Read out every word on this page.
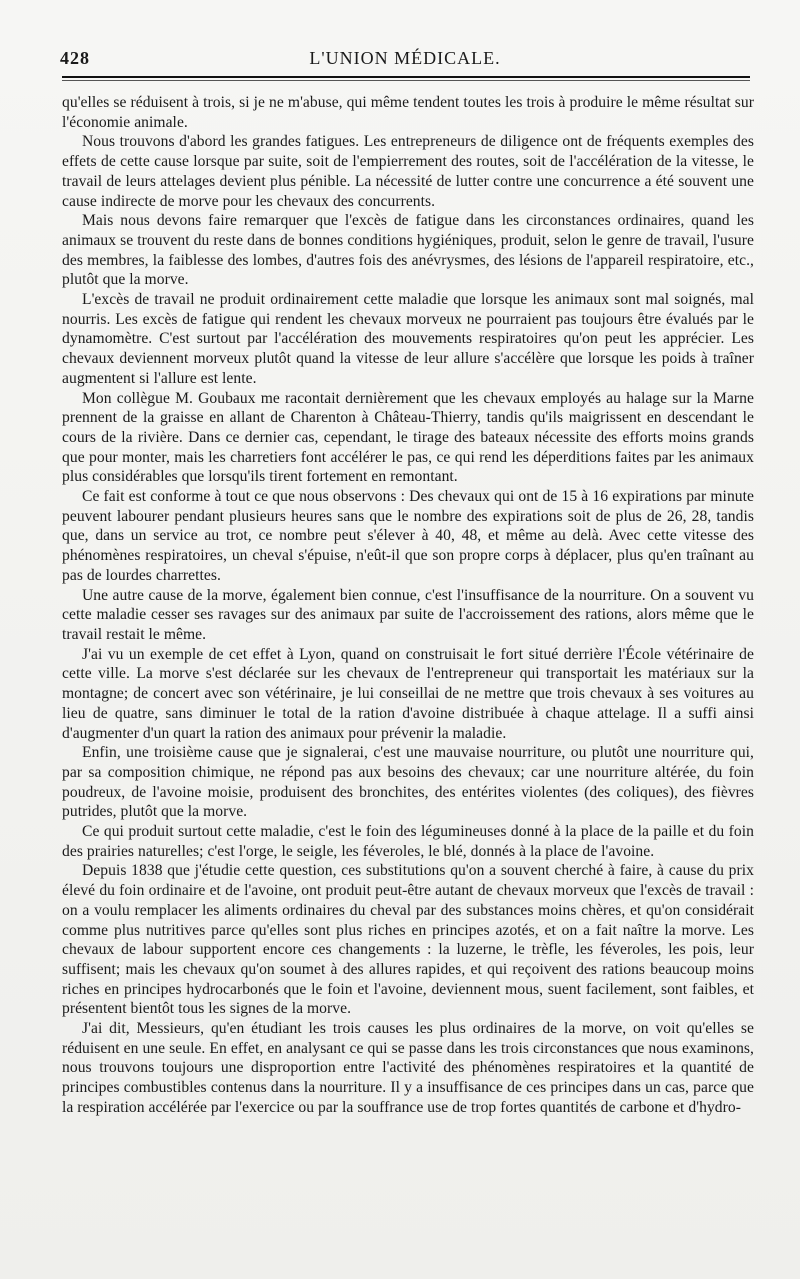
428	L'UNION MÉDICALE.

qu'elles se réduisent à trois, si je ne m'abuse, qui même tendent toutes les trois à produire le même résultat sur l'économie animale.

Nous trouvons d'abord les grandes fatigues. Les entrepreneurs de diligence ont de fréquents exemples des effets de cette cause lorsque par suite, soit de l'empierrement des routes, soit de l'accélération de la vitesse, le travail de leurs attelages devient plus pénible. La nécessité de lutter contre une concurrence a été souvent une cause indirecte de morve pour les chevaux des concurrents.

Mais nous devons faire remarquer que l'excès de fatigue dans les circonstances ordinaires, quand les animaux se trouvent du reste dans de bonnes conditions hygiéniques, produit, selon le genre de travail, l'usure des membres, la faiblesse des lombes, d'autres fois des anévrysmes, des lésions de l'appareil respiratoire, etc., plutôt que la morve.

L'excès de travail ne produit ordinairement cette maladie que lorsque les animaux sont mal soignés, mal nourris. Les excès de fatigue qui rendent les chevaux morveux ne pourraient pas toujours être évalués par le dynamomètre. C'est surtout par l'accélération des mouvements respiratoires qu'on peut les apprécier. Les chevaux deviennent morveux plutôt quand la vitesse de leur allure s'accélère que lorsque les poids à traîner augmentent si l'allure est lente.

Mon collègue M. Goubaux me racontait dernièrement que les chevaux employés au halage sur la Marne prennent de la graisse en allant de Charenton à Château-Thierry, tandis qu'ils maigrissent en descendant le cours de la rivière. Dans ce dernier cas, cependant, le tirage des bateaux nécessite des efforts moins grands que pour monter, mais les charretiers font accélérer le pas, ce qui rend les déperditions faites par les animaux plus considérables que lorsqu'ils tirent fortement en remontant.

Ce fait est conforme à tout ce que nous observons : Des chevaux qui ont de 15 à 16 expirations par minute peuvent labourer pendant plusieurs heures sans que le nombre des expirations soit de plus de 26, 28, tandis que, dans un service au trot, ce nombre peut s'élever à 40, 48, et même au delà. Avec cette vitesse des phénomènes respiratoires, un cheval s'épuise, n'eût-il que son propre corps à déplacer, plus qu'en traînant au pas de lourdes charrettes.

Une autre cause de la morve, également bien connue, c'est l'insuffisance de la nourriture. On a souvent vu cette maladie cesser ses ravages sur des animaux par suite de l'accroissement des rations, alors même que le travail restait le même.

J'ai vu un exemple de cet effet à Lyon, quand on construisait le fort situé derrière l'École vétérinaire de cette ville. La morve s'est déclarée sur les chevaux de l'entrepreneur qui transportait les matériaux sur la montagne; de concert avec son vétérinaire, je lui conseillai de ne mettre que trois chevaux à ses voitures au lieu de quatre, sans diminuer le total de la ration d'avoine distribuée à chaque attelage. Il a suffi ainsi d'augmenter d'un quart la ration des animaux pour prévenir la maladie.

Enfin, une troisième cause que je signalerai, c'est une mauvaise nourriture, ou plutôt une nourriture qui, par sa composition chimique, ne répond pas aux besoins des chevaux; car une nourriture altérée, du foin poudreux, de l'avoine moisie, produisent des bronchites, des entérites violentes (des coliques), des fièvres putrides, plutôt que la morve.

Ce qui produit surtout cette maladie, c'est le foin des légumineuses donné à la place de la paille et du foin des prairies naturelles; c'est l'orge, le seigle, les féveroles, le blé, donnés à la place de l'avoine.

Depuis 1838 que j'étudie cette question, ces substitutions qu'on a souvent cherché à faire, à cause du prix élevé du foin ordinaire et de l'avoine, ont produit peut-être autant de chevaux morveux que l'excès de travail : on a voulu remplacer les aliments ordinaires du cheval par des substances moins chères, et qu'on considérait comme plus nutritives parce qu'elles sont plus riches en principes azotés, et on a fait naître la morve. Les chevaux de labour supportent encore ces changements : la luzerne, le trèfle, les féveroles, les pois, leur suffisent; mais les chevaux qu'on soumet à des allures rapides, et qui reçoivent des rations beaucoup moins riches en principes hydrocarbonés que le foin et l'avoine, deviennent mous, suent facilement, sont faibles, et présentent bientôt tous les signes de la morve.

J'ai dit, Messieurs, qu'en étudiant les trois causes les plus ordinaires de la morve, on voit qu'elles se réduisent en une seule. En effet, en analysant ce qui se passe dans les trois circonstances que nous examinons, nous trouvons toujours une disproportion entre l'activité des phénomènes respiratoires et la quantité de principes combustibles contenus dans la nourriture. Il y a insuffisance de ces principes dans un cas, parce que la respiration accélérée par l'exercice ou par la souffrance use de trop fortes quantités de carbone et d'hydro-
